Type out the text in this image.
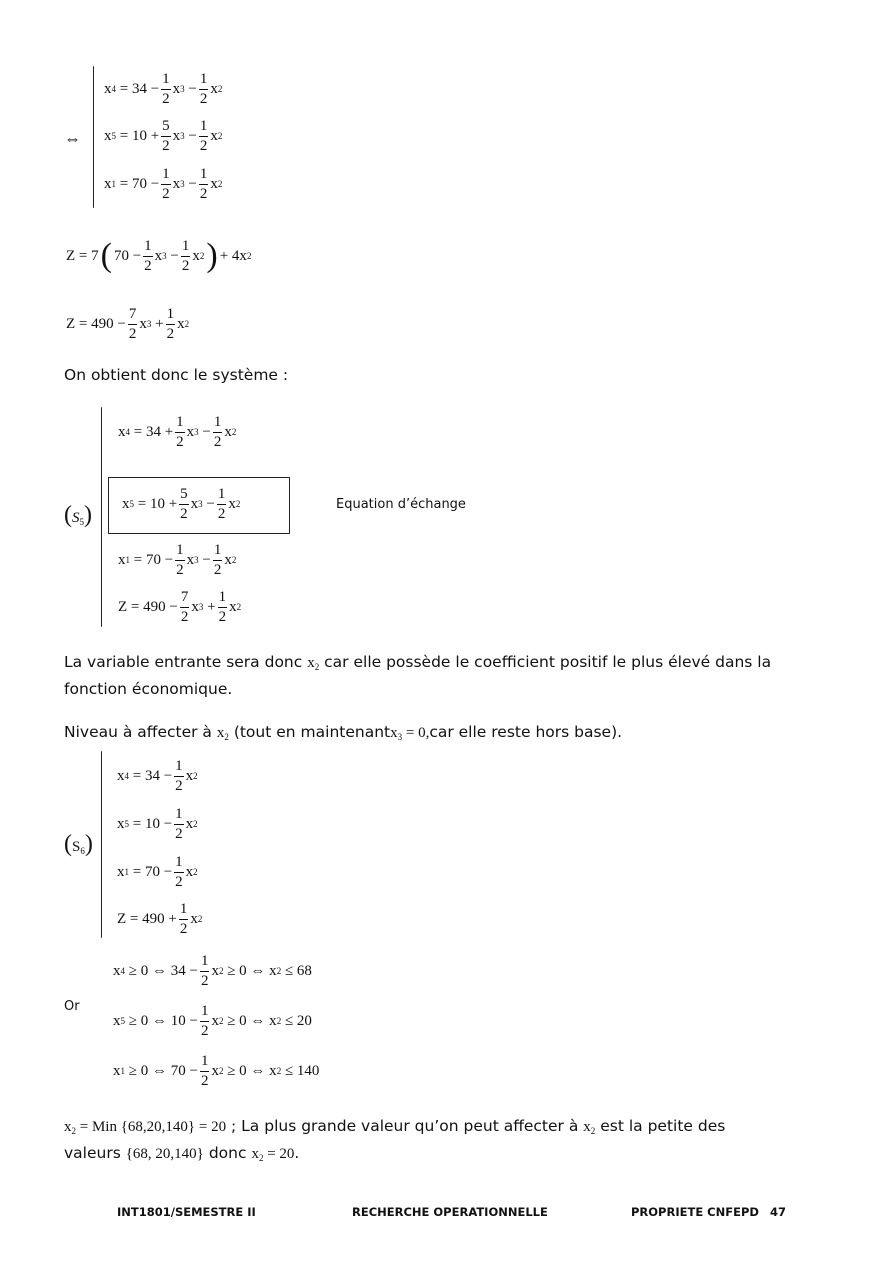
⇔
x 4
= $34 - \frac{1}{2}$ x 3
− $\frac{1}{2}$ x 2
x 5
= $10 + \frac{5}{2}$ x 3
− $\frac{1}{2}$ x 2
x 1
= $70 - \frac{1}{2}$ x 3
− $\frac{1}{2}$ x 2
Z = 7 ( $70 - \frac{1}{2}$ x 3
− $\frac{1}{2}$ x 2 ) + 4x 2
$Z = 490 - \frac{7}{2}$ x 3
+ $\frac{1}{2}$ x 2
On obtient donc le système :
$(S_5)$
x 4
= $34 + \frac{1}{2}$ x 3
− $\frac{1}{2}$ x 2
x 5
= $10 + \frac{5}{2}$ x 3
− $\frac{1}{2}$ x 2
x 1
= $70 - \frac{1}{2}$ x 3
− $\frac{1}{2}$ x 2
Z
= $490 - \frac{7}{2}$ x 3
+ $\frac{1}{2}$ x 2
Equation d’échange
La variable entrante sera donc $x_2$ car elle possède le coefficient positif le plus élevé dans la
fonction économique.
Niveau à affecter à $x_2$ (tout en maintenantx$_3$ = 0,car elle reste hors base).
$(S_6)$
x 4
= $34 - \frac{1}{2}$ x 2
x 5
= $10 - \frac{1}{2}$ x 2
x 1
= $70 - \frac{1}{2}$ x 2
Z
= $490 + \frac{1}{2}$ x 2
Or
x 4
≥ 0 ⇔ $34 - \frac{1}{2}$ x 2
≥ 0 ⇔ x 2
≤ 68
x 5
≥ 0 ⇔ $10 - \frac{1}{2}$ x 2
≥ 0 ⇔ x 2
≤ 20
x 1
≥ 0 ⇔ $70 - \frac{1}{2}$ x 2
≥ 0 ⇔ x 2
≤ 140
$x_2$ = Min {68,20,140} = 20 ; La plus grande valeur qu’on peut affecter à $x_2$ est la petite des
valeurs {68, 20,140} donc $x_2 = 20$.
INT1801/SEMESTRE II	RECHERCHE OPERATIONNELLE	PROPRIETE CNFEPD 47
